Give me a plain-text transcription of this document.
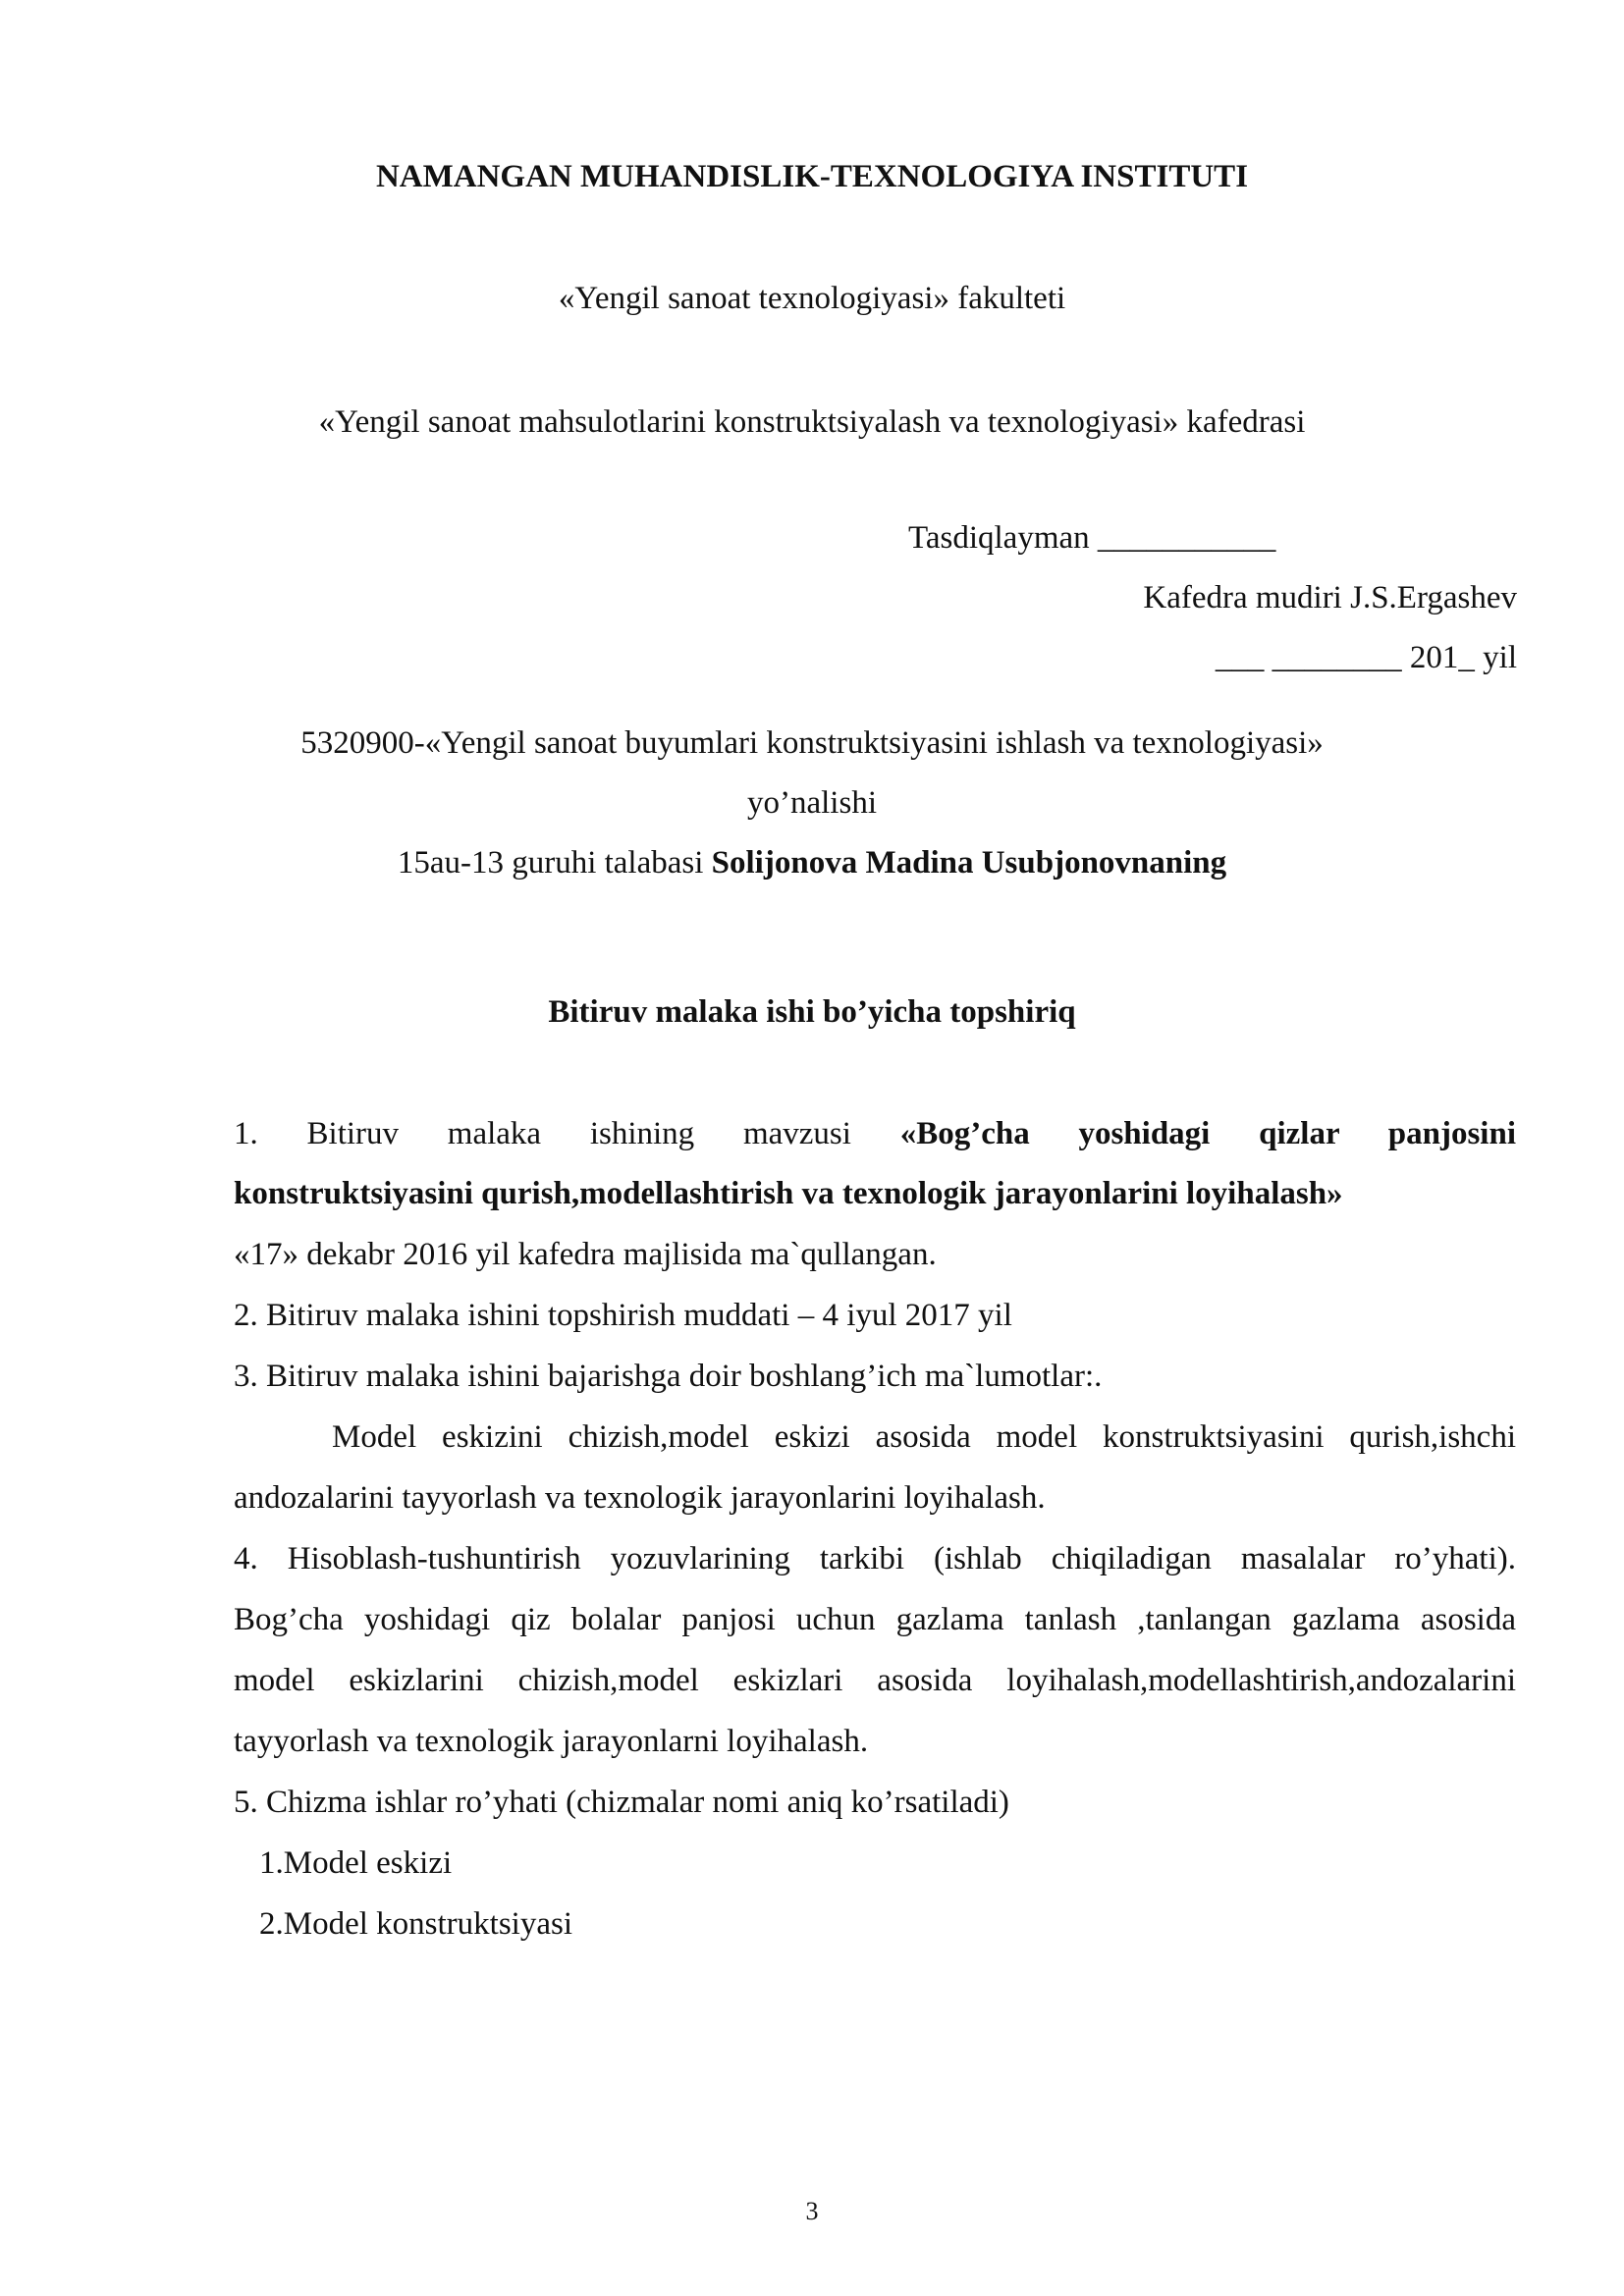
NAMANGAN MUHANDISLIK-TEXNOLOGIYA INSTITUTI
«Yengil sanoat texnologiyasi» fakulteti
«Yengil sanoat mahsulotlarini konstruktsiyalash va texnologiyasi» kafedrasi
Tasdiqlayman ___________
Kafedra mudiri J.S.Ergashev
___ ________ 201_ yil
5320900-«Yengil sanoat buyumlari konstruktsiyasini ishlash va texnologiyasi»
yo’nalishi
15au-13 guruhi talabasi Solijonova Madina Usubjonovnaning
Bitiruv malaka ishi bo’yicha topshiriq
1. Bitiruv malaka ishining mavzusi «Bog’cha yoshidagi qizlar panjosini
konstruktsiyasini qurish,modellashtirish va texnologik jarayonlarini loyihalash»
«17» dekabr 2016 yil kafedra majlisida ma`qullangan.
2. Bitiruv malaka ishini topshirish muddati – 4 iyul 2017 yil
3. Bitiruv malaka ishini bajarishga doir boshlang’ich ma`lumotlar:.
Model eskizini chizish,model eskizi asosida model konstruktsiyasini qurish,ishchi
andozalarini tayyorlash va texnologik jarayonlarini loyihalash.
4. Hisoblash-tushuntirish yozuvlarining tarkibi (ishlab chiqiladigan masalalar ro’yhati).
Bog’cha yoshidagi qiz bolalar panjosi uchun gazlama tanlash ,tanlangan gazlama asosida
model eskizlarini chizish,model eskizlari asosida loyihalash,modellashtirish,andozalarini
tayyorlash va texnologik jarayonlarni loyihalash.
5. Chizma ishlar ro’yhati (chizmalar nomi aniq ko’rsatiladi)
1.Model eskizi
2.Model konstruktsiyasi
3
